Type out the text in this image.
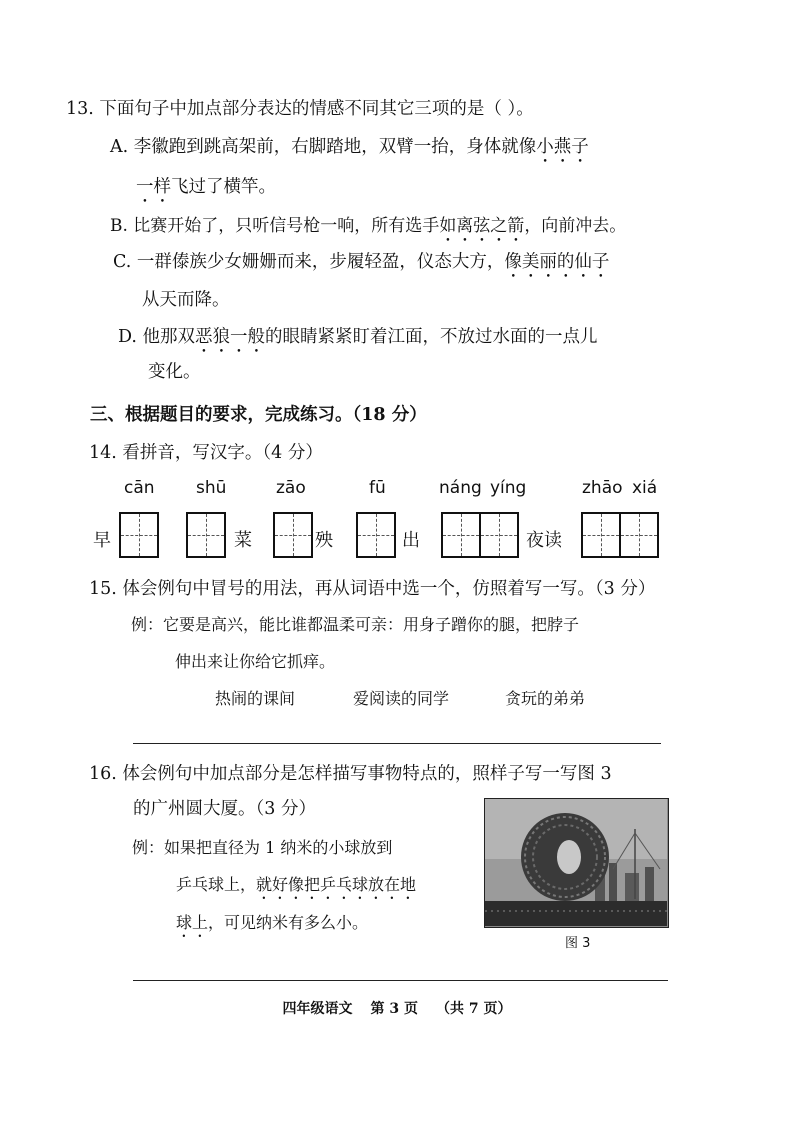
13. 下面句子中加点部分表达的情感不同其它三项的是（ ）。
A. 李徽跑到跳高架前，右脚踏地，双臂一抬，身体就像小燕子
一样飞过了横竿。
B. 比赛开始了，只听信号枪一响，所有选手如离弦之箭，向前冲去。
C. 一群傣族少女姗姗而来，步履轻盈，仪态大方，像美丽的仙子
从天而降。
D. 他那双恶狼一般的眼睛紧紧盯着江面，不放过水面的一点儿
变化。
三、根据题目的要求，完成练习。（18 分）
14. 看拼音，写汉字。（4 分）
cān shū	zāo	fū	náng yíng	zhāo xiá
早	菜	殃	出	夜读
15. 体会例句中冒号的用法，再从词语中选一个，仿照着写一写。（3 分）
例：它要是高兴，能比谁都温柔可亲：用身子蹭你的腿，把脖子
伸出来让你给它抓痒。
热闹的课间	爱阅读的同学	贪玩的弟弟
16. 体会例句中加点部分是怎样描写事物特点的，照样子写一写图 3
的广州圆大厦。（3 分）
例：如果把直径为 1 纳米的小球放到
乒乓球上，就好像把乒乓球放在地
球上，可见纳米有多么小。
图 3
四年级语文 第 3 页 （共 7 页）
